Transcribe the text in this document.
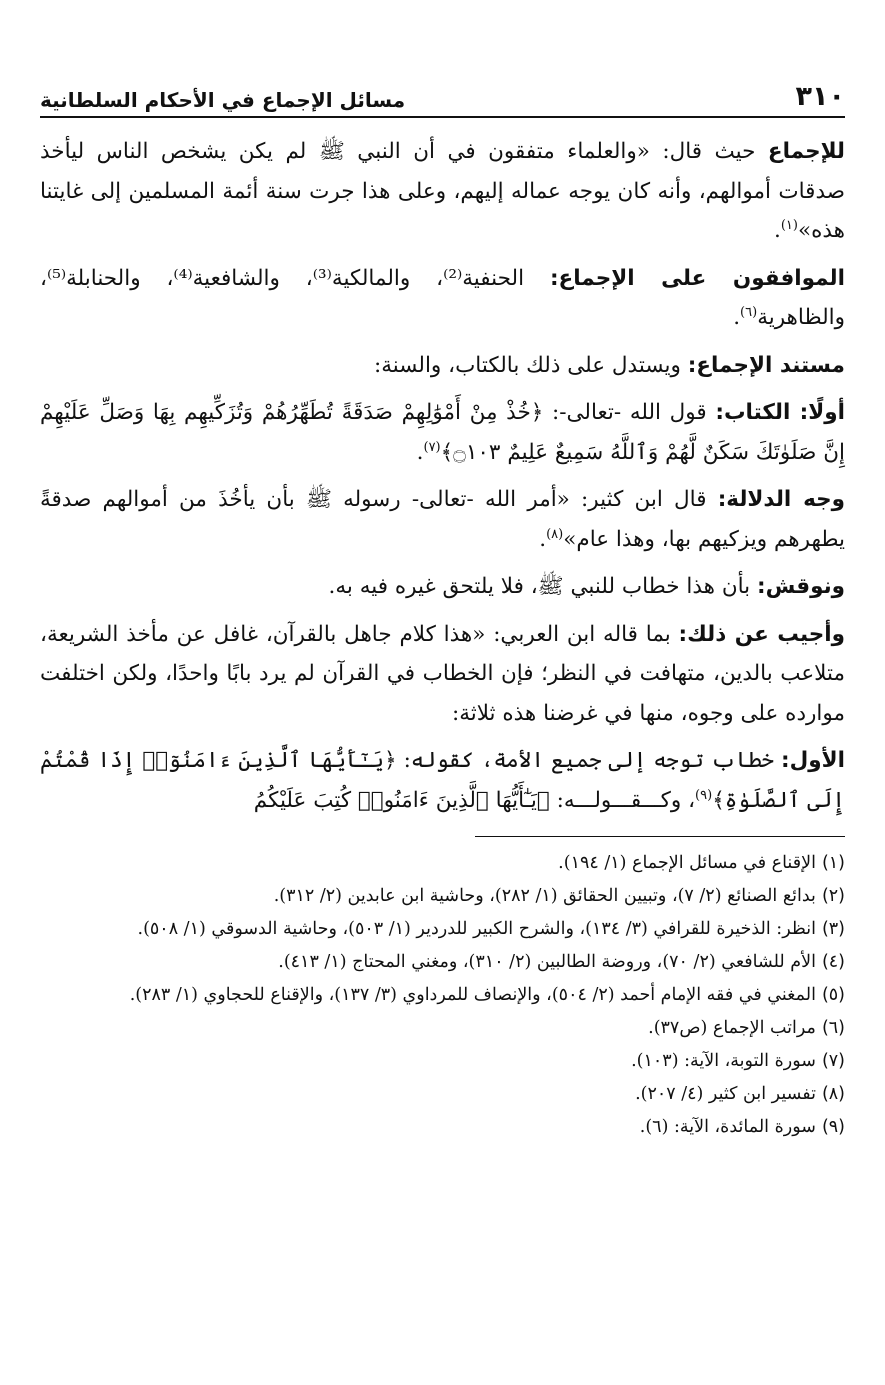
٣١٠
مسائل الإجماع في الأحكام السلطانية

للإجماع حيث قال: «والعلماء متفقون في أن النبي ﷺ لم يكن يشخص الناس ليأخذ صدقات أموالهم، وأنه كان يوجه عماله إليهم، وعلى هذا جرت سنة أئمة المسلمين إلى غايتنا هذه»$^{(١)}$.

الموافقون على الإجماع: الحنفية⁽²⁾، والمالكية⁽³⁾، والشافعية⁽⁴⁾، والحنابلة⁽⁵⁾، والظاهرية$^{(٦)}$.

مستند الإجماع: ويستدل على ذلك بالكتاب، والسنة:

أولًا: الكتاب: قول الله -تعالى-: ﴿خُذْ مِنْ أَمْوَٰلِهِمْ صَدَقَةً تُطَهِّرُهُمْ وَتُزَكِّيهِم بِهَا وَصَلِّ عَلَيْهِمْ إِنَّ صَلَوٰتَكَ سَكَنٌ لَّهُمْ وَٱللَّهُ سَمِيعٌ عَلِيمٌ ۝١٠٣﴾$^{(٧)}$.

وجه الدلالة: قال ابن كثير: «أمر الله -تعالى- رسوله ﷺ بأن يأخُذَ من أموالهم صدقةً يطهرهم ويزكيهم بها، وهذا عام»$^{(٨)}$.

ونوقش: بأن هذا خطاب للنبي ﷺ، فلا يلتحق غيره فيه به.

وأجيب عن ذلك: بما قاله ابن العربي: «هذا كلام جاهل بالقرآن، غافل عن مأخذ الشريعة، متلاعب بالدين، متهافت في النظر؛ فإن الخطاب في القرآن لم يرد بابًا واحدًا، ولكن اختلفت موارده على وجوه، منها في غرضنا هذه ثلاثة:

الأول: خطاب توجه إلى جميع الأمة، كقوله: ﴿يَـٰٓأَيُّهَا ٱلَّذِينَ ءَامَنُوٓا۟ إِذَا قُمْتُمْ إِلَى ٱلصَّلَوٰةِ﴾$^{(٩)}$، وكـــقـــولـــه: ﴿يَـٰٓأَيُّهَا ٱلَّذِينَ ءَامَنُوا۟ كُتِبَ عَلَيْكُمُ

(١)الإقناع في مسائل الإجماع (١/ ١٩٤).
(٢)بدائع الصنائع (٢/ ٧)، وتبيين الحقائق (١/ ٢٨٢)، وحاشية ابن عابدين (٢/ ٣١٢).
(٣)انظر: الذخيرة للقرافي (٣/ ١٣٤)، والشرح الكبير للدردير (١/ ٥٠٣)، وحاشية الدسوقي (١/ ٥٠٨).
(٤)الأم للشافعي (٢/ ٧٠)، وروضة الطالبين (٢/ ٣١٠)، ومغني المحتاج (١/ ٤١٣).
(٥)المغني في فقه الإمام أحمد (٢/ ٥٠٤)، والإنصاف للمرداوي (٣/ ١٣٧)، والإقناع للحجاوي (١/ ٢٨٣).
(٦)مراتب الإجماع (ص٣٧).
(٧)سورة التوبة، الآية: (١٠٣).
(٨)تفسير ابن كثير (٤/ ٢٠٧).
(٩)سورة المائدة، الآية: (٦).
